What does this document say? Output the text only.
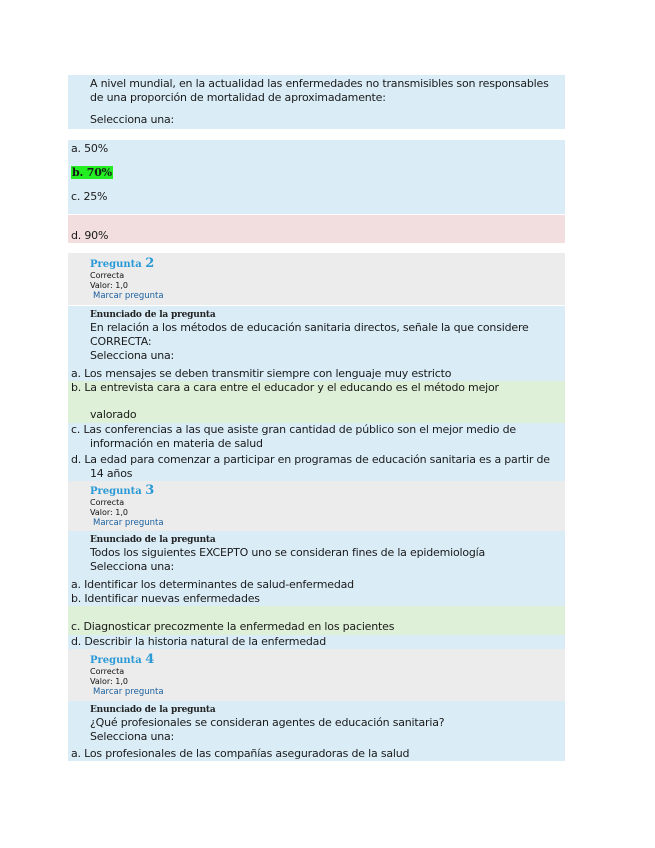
A nivel mundial, en la actualidad las enfermedades no transmisibles son responsables de una proporción de mortalidad de aproximadamente:
Selecciona una:
a. 50%
b. 70%
c. 25%
d. 90%
Pregunta 2
Correcta
Valor: 1,0
Marcar pregunta
Enunciado de la pregunta
En relación a los métodos de educación sanitaria directos, señale la que considere CORRECTA:
Selecciona una:
a. Los mensajes se deben transmitir siempre con lenguaje muy estricto
b. La entrevista cara a cara entre el educador y el educando es el método mejor
valorado
c. Las conferencias a las que asiste gran cantidad de público son el mejor medio de información en materia de salud
d. La edad para comenzar a participar en programas de educación sanitaria es a partir de 14 años
Pregunta 3
Correcta
Valor: 1,0
Marcar pregunta
Enunciado de la pregunta
Todos los siguientes EXCEPTO uno se consideran fines de la epidemiología
Selecciona una:
a. Identificar los determinantes de salud-enfermedad
b. Identificar nuevas enfermedades
c. Diagnosticar precozmente la enfermedad en los pacientes
d. Describir la historia natural de la enfermedad
Pregunta 4
Correcta
Valor: 1,0
Marcar pregunta
Enunciado de la pregunta
¿Qué profesionales se consideran agentes de educación sanitaria?
Selecciona una:
a. Los profesionales de las compañías aseguradoras de la salud
